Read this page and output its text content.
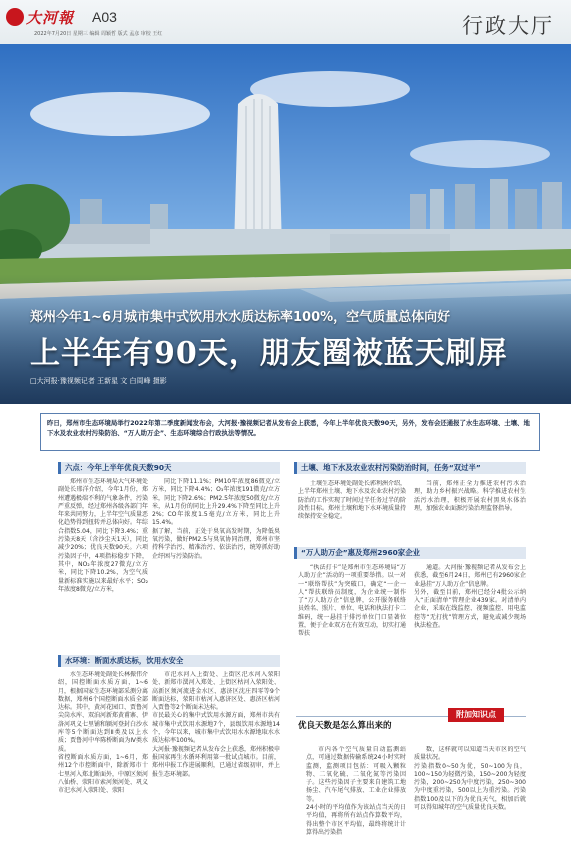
大河報 A03
2022年7月20日 星期三 编辑 周颖哲 版式 孟彦 审校 王红	行政大厅
郑州今年1~6月城市集中式饮用水水质达标率100%，空气质量总体向好
上半年有90天，朋友圈被蓝天刷屏
□大河报·豫视频记者 王新星 文 白周峰 摄影
昨日，郑州市生态环境局举行2022年第二季度新闻发布会，大河报·豫视频记者从发布会上获悉，今年上半年优良天数90天，另外，发布会还通报了水生态环境、土壤、地下水及农业农村污染防治、“万人助万企”、生态环境综合行政执法等情况。
六点：今年上半年优良天数90天

郑州市生态环境局大气环境处副处长邢洋介绍，今年1月份，郑州遭遇极端不利的气象条件，污染严重反弹，经过郑州各级各部门年年来共同努力，上半年空气质量恶化趋势得到扭转并总体向好。年综合指数5.04，同比下降3.4%；重污染天8天（含沙尘天1天），同比减少20%；优良天数90天。六项污染因子中，4项指标稳步下降，其中，NO₂年浓度27微克/立方米，同比下降10.2%，为空气质量新标准实施以来最好水平；SO₂年浓度8微克/立方米，

同比下降11.1%；PM10年浓度86微克/立方米，同比下降4.4%；O₃年浓度191微克/立方米，同比下降2.6%；PM2.5年浓度50微克/立方米，从1月份的同比上升29.4%下降至同比上升2%；CO年浓度1.5毫克/立方米，同比上升15.4%。
据了解，当前，正处于臭氧高发时期，为降低臭氧污染，做好PM2.5与臭氧协同治理，郑州市坚持科学治污、精准治污、依法治污，统筹抓好助企纾困与污染防治。

水环境：断面水质达标，饮用水安全

水生态环境处副处长林振伟介绍，国控断面水质方面，1~6月，根据国家生态环境部采测分离数据，郑州6个国控断面水质全部达标。其中，黄河花园口、贾鲁河尖岗水库、双洎河新郑黄甫寨、伊洛河巩义七里铺和颍河登封白沙水库等5个断面达到Ⅱ类及以上水质；贾鲁河中牟陈桥断面为Ⅳ类水质。
省控断面水质方面，1~6月，郑州12个市控断面中，除新郑市十七里河入郑北断面外，中原区须河八仙桥、荥阳市索河须河处、巩义市汜水河入荥阳处、荥阳

市汜水河入上街处、上街区汜水河入荥阳处、新郑市潩河入郑处、上街区枯河入荥阳处、高新区须河流进金水区、惠济区沈庄四零等9个断面达标，荥阳市枯河入惠济区处、惠济区枯河入贾鲁等2个断面未达标。
市民最关心的集中式饮用水源方面，郑州市共有城市集中式饮用水源地7个，县级饮用水源地14个，今年以来，城市集中式饮用水水源地取水水质达标率100%。
大河报·豫视频记者从发布会上获悉，郑州积极申报国家再生水循环利用第一批试点城市。目前，郑州申报工作进展顺利，已通过省级初审，并上报生态环境部。

土壤、地下水及农业农村污染防治时间，任务“双过半”

土壤生态环境处副处长郭利洲介绍，上半年郑州土壤、地下水及农业农村污染防治的工作实现了时间过半任务过半的阶段性目标。郑州土壤和地下水环境质量持续保持安全稳定。

当前，郑州正全力推进农村污水治理，助力乡村振兴战略。科学推进农村生活污水治理，积极开展农村黑臭水体治理，加强农业面源污染治理监督指导。

“万人助万企”惠及郑州2960家企业

“执法打卡”是郑州市生态环境局“万人助万企”活动的一项重要举措。以一对一“联络帮扶”为突破口，确定“一企一人”帮扶联络员制度，为企业统一制作了“万人助万企”信息牌，公开服务联络员姓名、照片、单位、电话和执法打卡二维码，统一悬挂于排污单位门口显著位置，便于企业双方在有效互动，切实打通帮扶

通道。大河报·豫视频记者从发布会上获悉，截至6月24日，郑州已有2960家企业悬挂“万人助万企”信息牌。
另外，截至目前，郑州已经分4批公示纳入“正面清单”管理企业439家。对清单内企业，采取在线监控、视频监控、用电监控等“无打扰”管理方式，避免或减少现场执法检查。

优良天数是怎么算出来的
附加知识点

市内各个空气质量自动监测站点，可通过数据传输系统24小时实时监测，监测项目包括：可吸入颗粒物、二氧化硫、二氧化氮等污染因子。这些污染因子主要来自建筑工地扬尘、汽车尾气排放、工业企业排放等。
24小时的平均值作为该站点当天的日平均值，再将所有站点作算数平均，得出整个市区平均值，最终将统计计算得出污染指

数，这样就可以知道当天市区的空气质量状况。
污染指数0~50为优，50~100为良，100~150为轻微污染，150~200为轻度污染，200~250为中度污染，250~300为中度重污染，500以上为重污染。污染指数100及以下的为优良天气，相加后就可以得知城年的空气质量优良天数。
